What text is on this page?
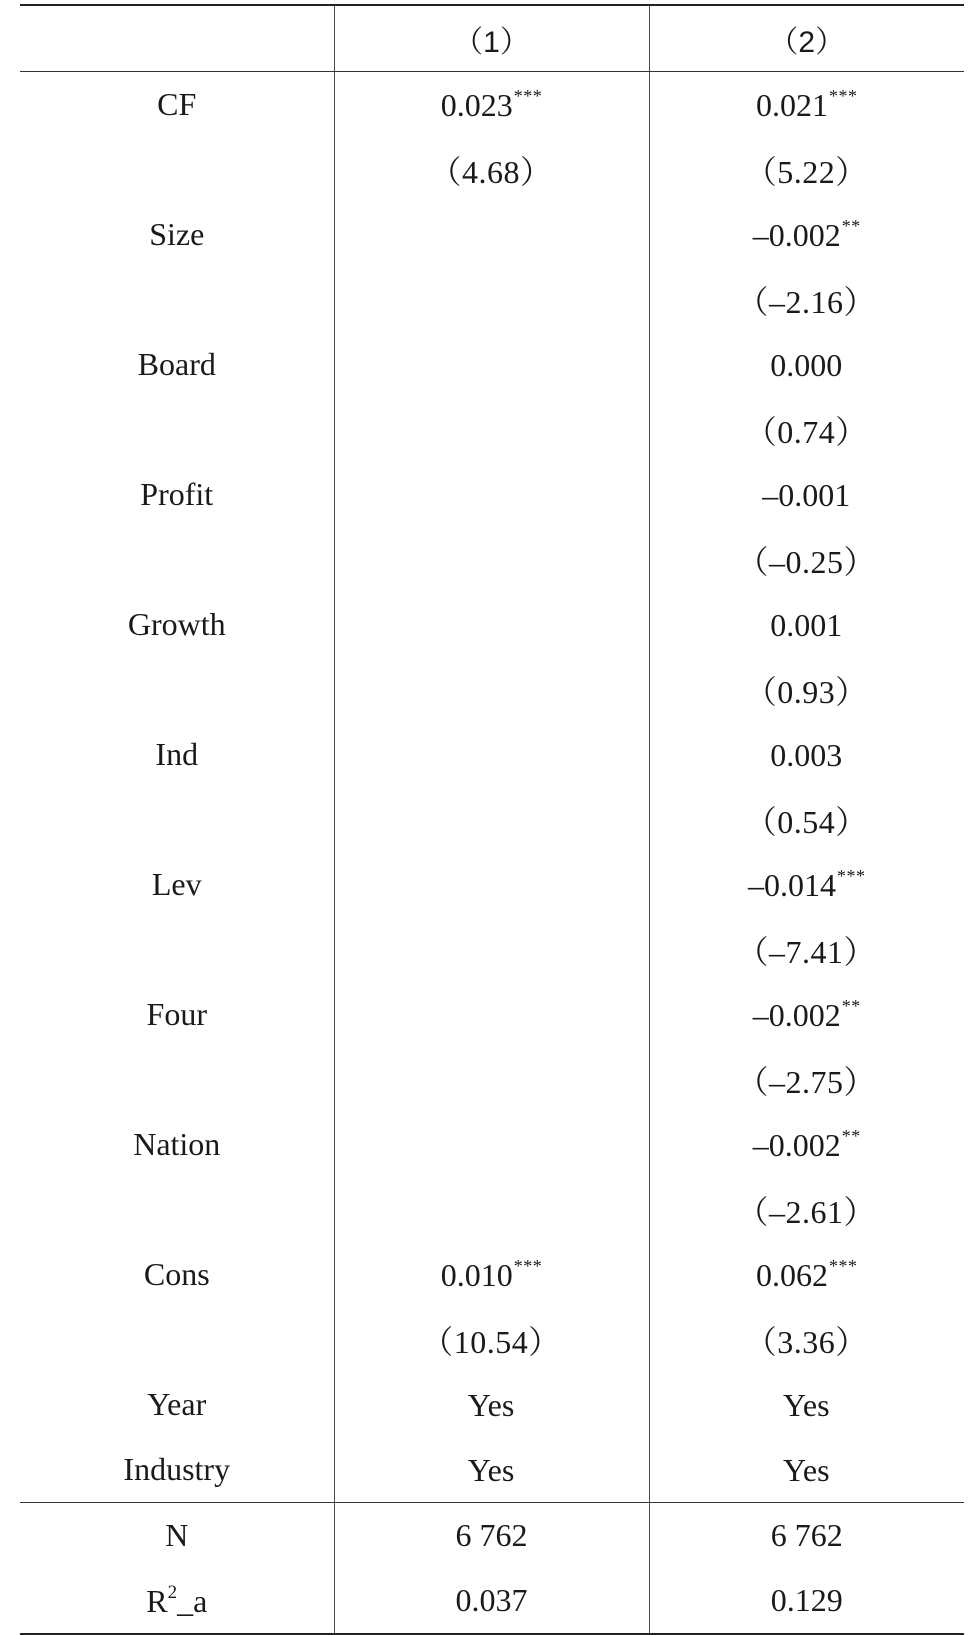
	（1）	（2）
CF	0.023***	0.021***
	（4.68）	（5.22）
Size		–0.002**
		（–2.16）
Board		0.000
		（0.74）
Profit		–0.001
		（–0.25）
Growth		0.001
		（0.93）
Ind		0.003
		（0.54）
Lev		–0.014***
		（–7.41）
Four		–0.002**
		（–2.75）
Nation		–0.002**
		（–2.61）
Cons	0.010***	0.062***
	（10.54）	（3.36）
Year	Yes	Yes
Industry	Yes	Yes
N	6 762	6 762
$R^2\_a$	0.037	0.129
